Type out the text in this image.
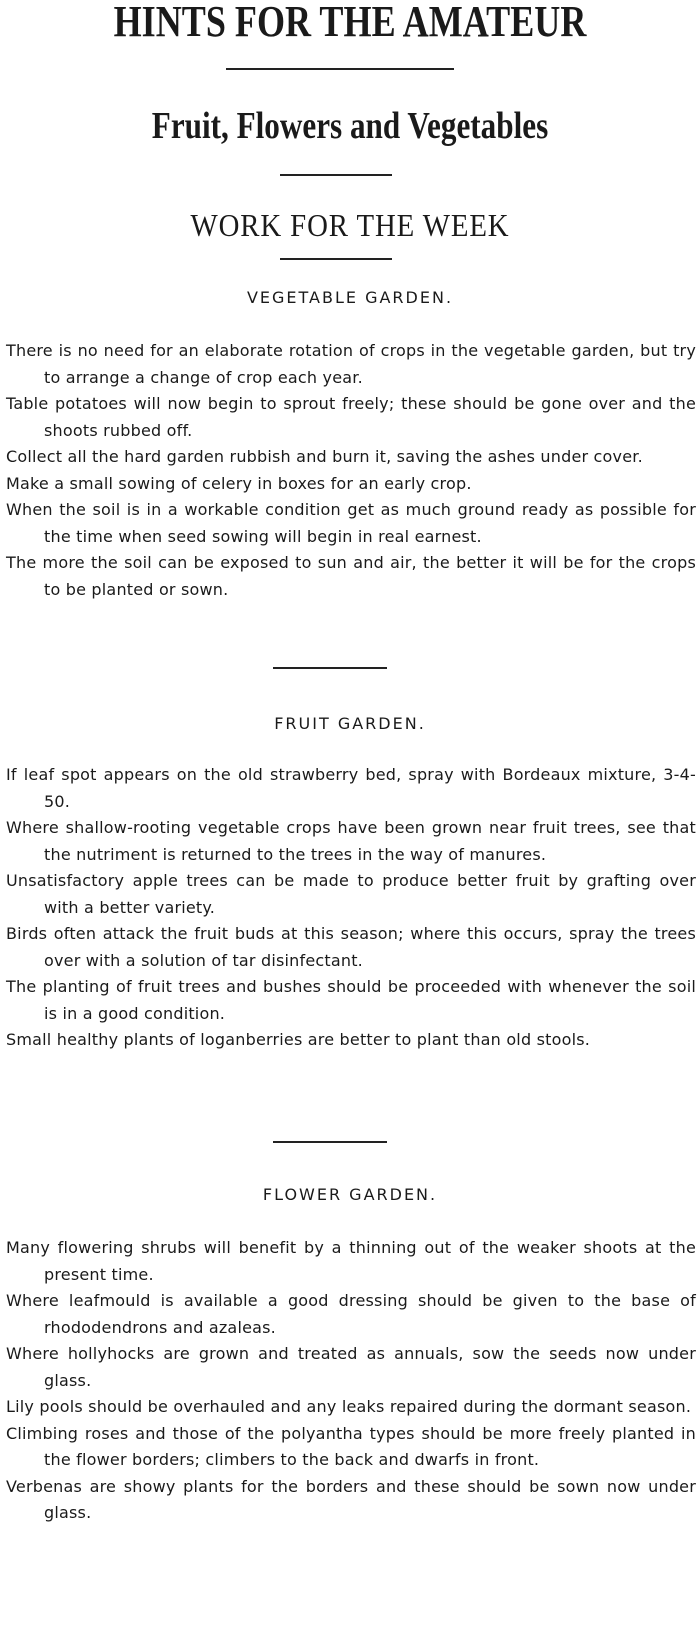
HINTS FOR THE AMATEUR
Fruit, Flowers and Vegetables
WORK FOR THE WEEK
VEGETABLE GARDEN.
There is no need for an elaborate rotation of crops in the vegetable garden, but try to arrange a change of crop each year.
Table potatoes will now begin to sprout freely; these should be gone over and the shoots rubbed off.
Collect all the hard garden rubbish and burn it, saving the ashes under cover.
Make a small sowing of celery in boxes for an early crop.
When the soil is in a workable condition get as much ground ready as possible for the time when seed sowing will begin in real earnest.
The more the soil can be exposed to sun and air, the better it will be for the crops to be planted or sown.
FRUIT GARDEN.
If leaf spot appears on the old strawberry bed, spray with Bordeaux mixture, 3-4-50.
Where shallow-rooting vegetable crops have been grown near fruit trees, see that the nutriment is returned to the trees in the way of manures.
Unsatisfactory apple trees can be made to produce better fruit by grafting over with a better variety.
Birds often attack the fruit buds at this season; where this occurs, spray the trees over with a solution of tar disinfectant.
The planting of fruit trees and bushes should be proceeded with whenever the soil is in a good condition.
Small healthy plants of loganberries are better to plant than old stools.
FLOWER GARDEN.
Many flowering shrubs will benefit by a thinning out of the weaker shoots at the present time.
Where leafmould is available a good dressing should be given to the base of rhododendrons and azaleas.
Where hollyhocks are grown and treated as annuals, sow the seeds now under glass.
Lily pools should be overhauled and any leaks repaired during the dormant season.
Climbing roses and those of the polyantha types should be more freely planted in the flower borders; climbers to the back and dwarfs in front.
Verbenas are showy plants for the borders and these should be sown now under glass.
